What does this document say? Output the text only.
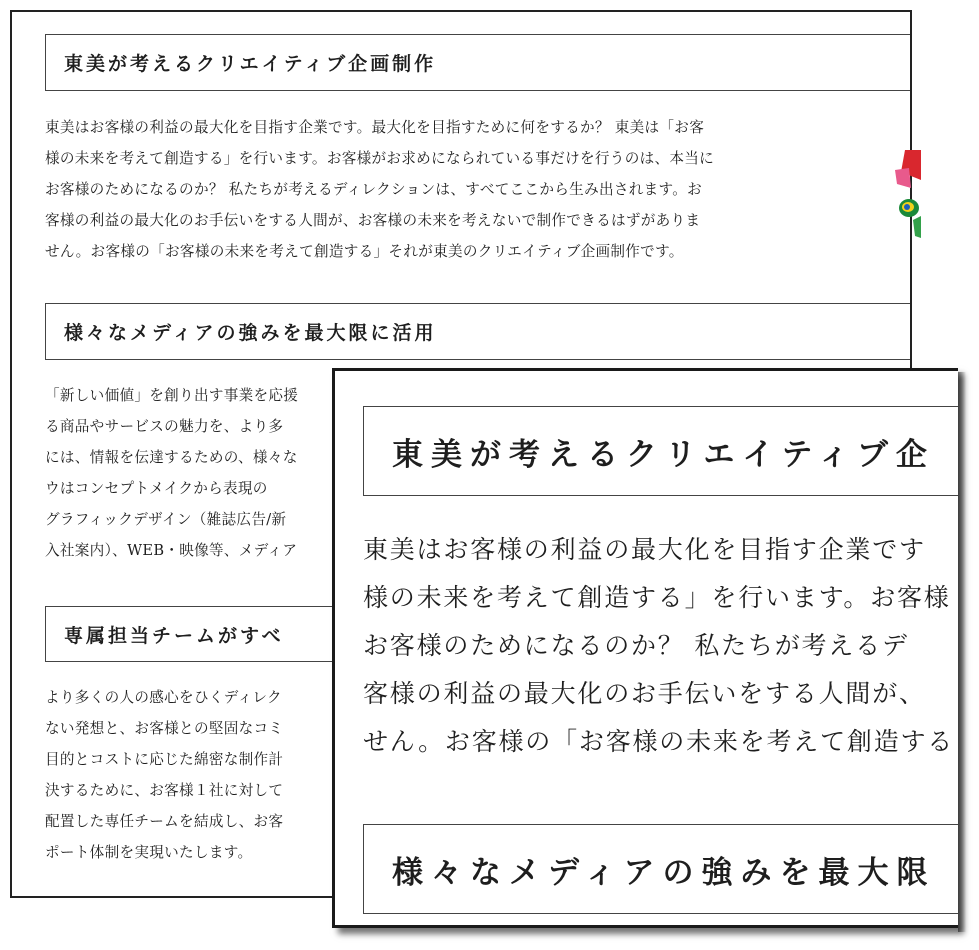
東美が考えるクリエイティブ企画制作

東美はお客様の利益の最大化を目指す企業です。最大化を目指すために何をするか？ 東美は「お客
様の未来を考えて創造する」を行います。お客様がお求めになられている事だけを行うのは、本当に
お客様のためになるのか？ 私たちが考えるディレクションは、すべてここから生み出されます。お
客様の利益の最大化のお手伝いをする人間が、お客様の未来を考えないで制作できるはずがありま
せん。お客様の「お客様の未来を考えて創造する」それが東美のクリエイティブ企画制作です。

様々なメディアの強みを最大限に活用

「新しい価値」を創り出す事業を応援
る商品やサービスの魅力を、より多
には、情報を伝達するための、様々な
ウはコンセプトメイクから表現の
グラフィックデザイン（雑誌広告/新
入社案内）、WEB・映像等、メディア

専属担当チームがすべ

より多くの人の感心をひくディレク
ない発想と、お客様との堅固なコミ
目的とコストに応じた綿密な制作計
決するために、お客様１社に対して
配置した専任チームを結成し、お客
ポート体制を実現いたします。

東美が考えるクリエイティブ企

東美はお客様の利益の最大化を目指す企業です
様の未来を考えて創造する」を行います。お客様
お客様のためになるのか？ 私たちが考えるデ
客様の利益の最大化のお手伝いをする人間が、
せん。お客様の「お客様の未来を考えて創造する

様々なメディアの強みを最大限
